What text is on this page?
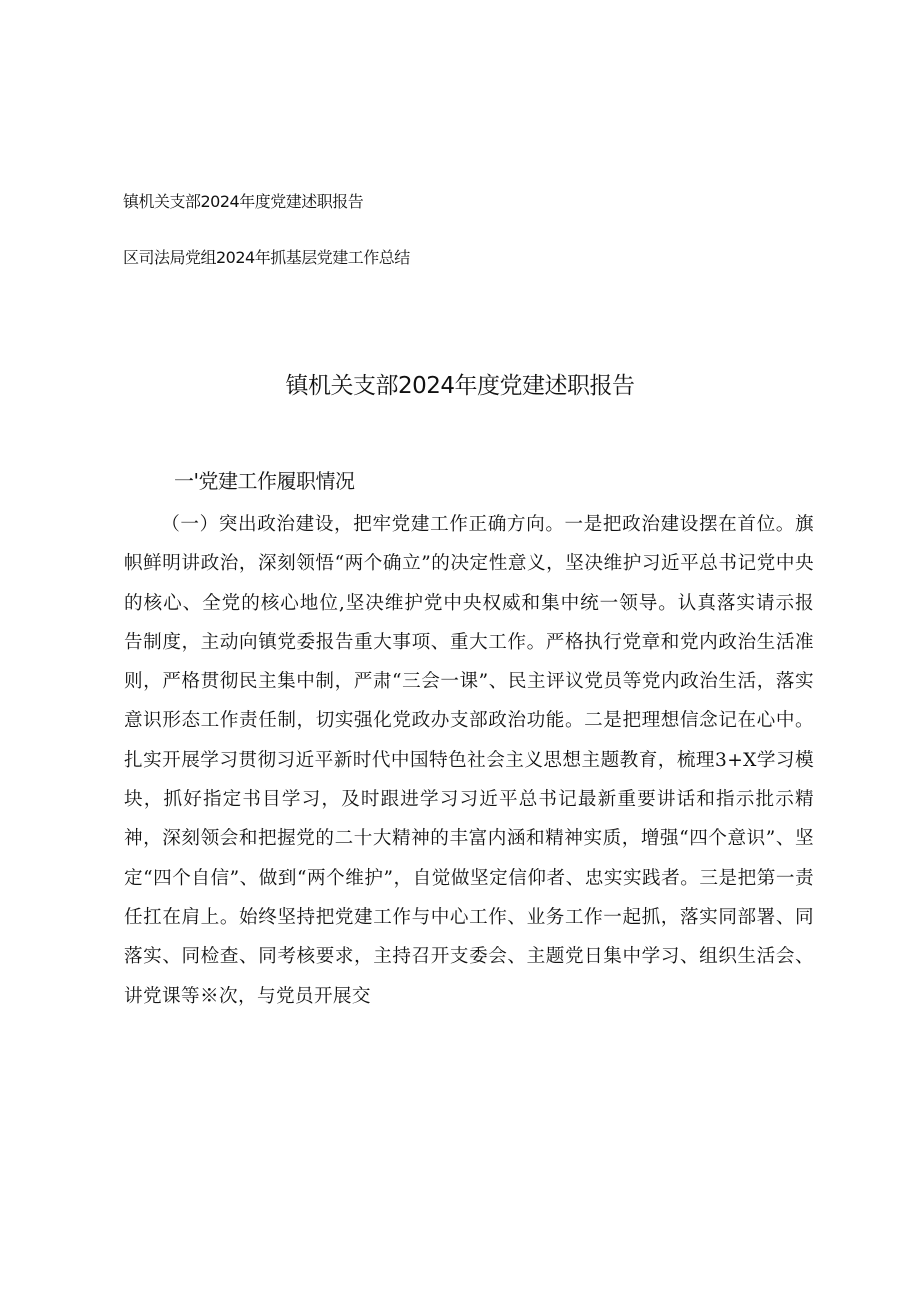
镇机关支部2024年度党建述职报告
区司法局党组2024年抓基层党建工作总结
镇机关支部2024年度党建述职报告
一'党建工作履职情况

（一）突出政治建设，把牢党建工作正确方向。一是把政治建设摆在首位。旗帜鲜明讲政治，深刻领悟“两个确立”的决定性意义，坚决维护习近平总书记党中央的核心、全党的核心地位,坚决维护党中央权威和集中统一领导。认真落实请示报告制度，主动向镇党委报告重大事项、重大工作。严格执行党章和党内政治生活准则，严格贯彻民主集中制，严肃“三会一课”、民主评议党员等党内政治生活，落实意识形态工作责任制，切实强化党政办支部政治功能。二是把理想信念记在心中。扎实开展学习贯彻习近平新时代中国特色社会主义思想主题教育，梳理3+X学习模块，抓好指定书目学习，及时跟进学习习近平总书记最新重要讲话和指示批示精神，深刻领会和把握党的二十大精神的丰富内涵和精神实质，增强“四个意识”、坚定“四个自信”、做到“两个维护”，自觉做坚定信仰者、忠实实践者。三是把第一责任扛在肩上。始终坚持把党建工作与中心工作、业务工作一起抓，落实同部署、同落实、同检查、同考核要求，主持召开支委会、主题党日集中学习、组织生活会、讲党课等※次，与党员开展交
